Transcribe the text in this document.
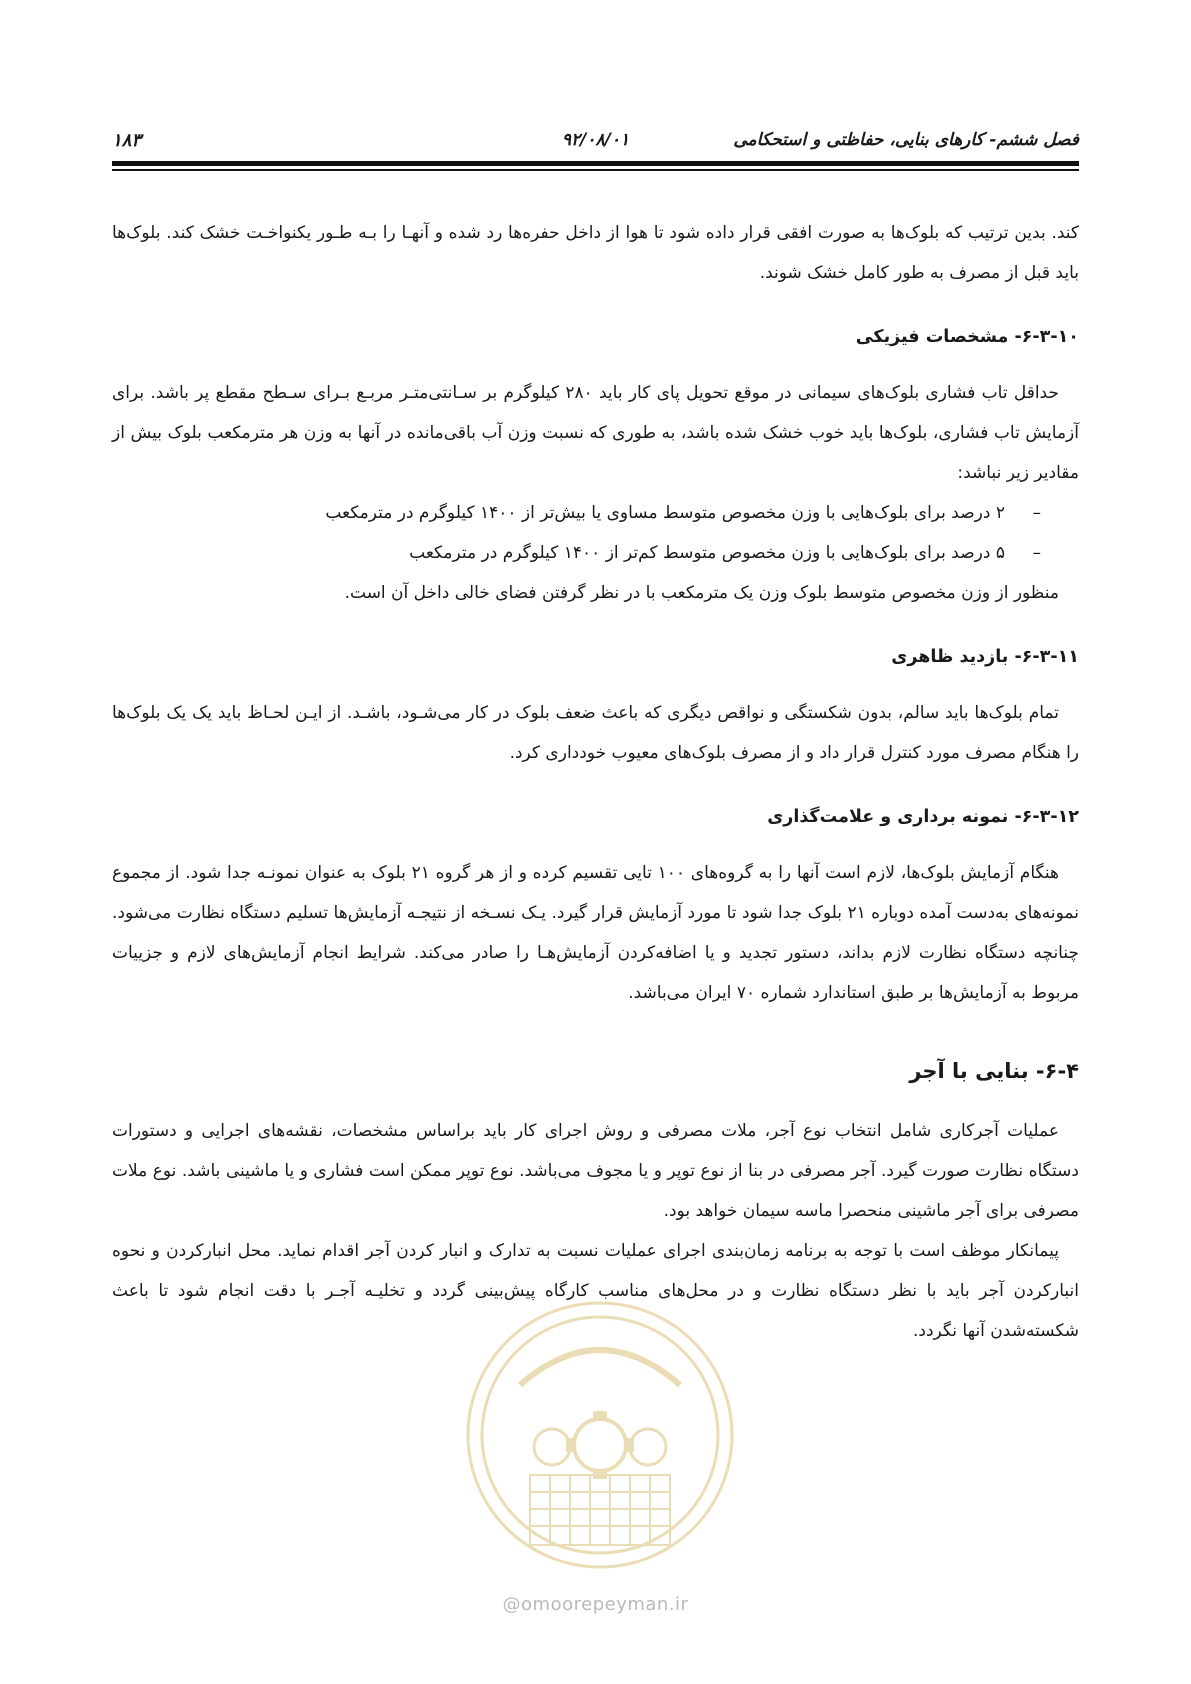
فصل ششم- کارهای بنایی، حفاظتی و استحکامی
۹۲/۰۸/۰۱
۱۸۳

کند. بدین ترتیب که بلوک‌ها به صورت افقی قرار داده شود تا هوا از داخل حفره‌ها رد شده و آنهـا را بـه طـور یکنواخـت خشک کند. بلوک‌ها باید قبل از مصرف به طور کامل خشک شوند.

۶-۳-۱۰- مشخصات فیزیکی

حداقل تاب فشاری بلوک‌های سیمانی در موقع تحویل پای کار باید ۲۸۰ کیلوگرم بر سـانتی‌متـر مربـع بـرای سـطح مقطع پر باشد. برای آزمایش تاب فشاری، بلوک‌ها باید خوب خشک شده باشد، به طوری که نسبت وزن آب باقی‌مانده در آنها به وزن هر مترمکعب بلوک بیش از مقادیر زیر نباشد:

–۲ درصد برای بلوک‌هایی با وزن مخصوص متوسط مساوی یا بیش‌تر از ۱۴۰۰ کیلوگرم در مترمکعب
–۵ درصد برای بلوک‌هایی با وزن مخصوص متوسط کم‌تر از ۱۴۰۰ کیلوگرم در مترمکعب

منظور از وزن مخصوص متوسط بلوک وزن یک مترمکعب با در نظر گرفتن فضای خالی داخل آن است.

۶-۳-۱۱- بازدید ظاهری

تمام بلوک‌ها باید سالم، بدون شکستگی و نواقص دیگری که باعث ضعف بلوک در کار می‌شـود، باشـد. از ایـن لحـاظ باید یک یک بلوک‌ها را هنگام مصرف مورد کنترل قرار داد و از مصرف بلوک‌های معیوب خودداری کرد.

۶-۳-۱۲- نمونه برداری و علامت‌گذاری

هنگام آزمایش بلوک‌ها، لازم است آنها را به گروه‌های ۱۰۰ تایی تقسیم کرده و از هر گروه ۲۱ بلوک به عنوان نمونـه جدا شود. از مجموع نمونه‌های به‌دست آمده دوباره ۲۱ بلوک جدا شود تا مورد آزمایش قرار گیرد. یـک نسـخه از نتیجـه آزمایش‌ها تسلیم دستگاه نظارت می‌شود. چنانچه دستگاه نظارت لازم بداند، دستور تجدید و یا اضافه‌کردن آزمایش‌هـا را صادر می‌کند. شرایط انجام آزمایش‌های لازم و جزییات مربوط به آزمایش‌ها بر طبق استاندارد شماره ۷۰ ایران می‌باشد.

۶-۴- بنایی با آجر

عملیات آجرکاری شامل انتخاب نوع آجر، ملات مصرفی و روش اجرای کار باید براساس مشخصات، نقشه‌های اجرایی و دستورات دستگاه نظارت صورت گیرد. آجر مصرفی در بنا از نوع توپر و یا مجوف می‌باشد. نوع توپر ممکن است فشاری و یا ماشینی باشد. نوع ملات مصرفی برای آجر ماشینی منحصرا ماسه سیمان خواهد بود.

پیمانکار موظف است با توجه به برنامه زمان‌بندی اجرای عملیات نسبت به تدارک و انبار کردن آجر اقدام نماید. محل انبارکردن و نحوه انبارکردن آجر باید با نظر دستگاه نظارت و در محل‌های مناسب کارگاه پیش‌بینی گردد و تخلیـه آجـر با دقت انجام شود تا باعث شکسته‌شدن آنها نگردد.

@omoorepeyman.ir
